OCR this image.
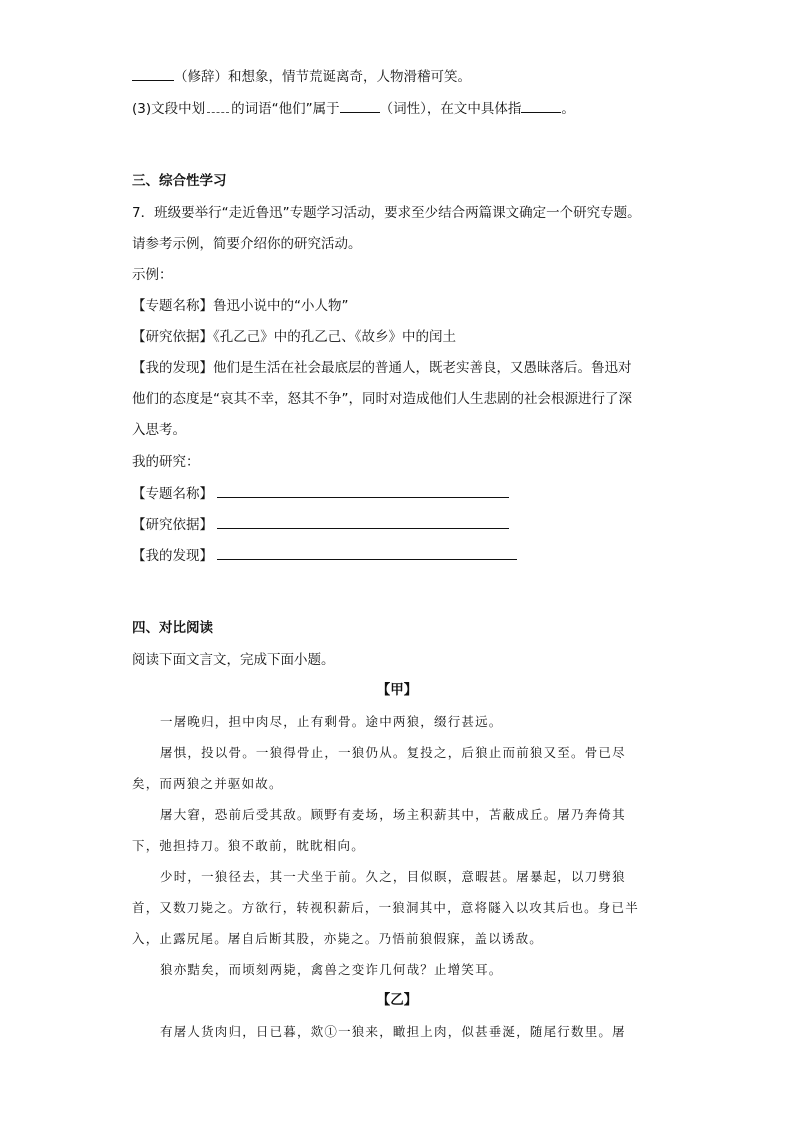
（修辞）和想象，情节荒诞离奇，人物滑稽可笑。
(3)文段中划 的词语“他们”属于	（词性），在文中具体指	。
三、综合性学习
7．班级要举行“走近鲁迅”专题学习活动，要求至少结合两篇课文确定一个研究专题。
请参考示例，简要介绍你的研究活动。
示例：
【专题名称】鲁迅小说中的“小人物”
【研究依据】《孔乙己》中的孔乙己、《故乡》中的闰土
【我的发现】他们是生活在社会最底层的普通人，既老实善良，又愚昧落后。鲁迅对
他们的态度是“哀其不幸，怒其不争”，同时对造成他们人生悲剧的社会根源进行了深
入思考。
我的研究：
【专题名称】
【研究依据】
【我的发现】
四、对比阅读
阅读下面文言文，完成下面小题。
【甲】
一屠晚归，担中肉尽，止有剩骨。途中两狼，缀行甚远。
屠惧，投以骨。一狼得骨止，一狼仍从。复投之，后狼止而前狼又至。骨已尽
矣，而两狼之并驱如故。
屠大窘，恐前后受其敌。顾野有麦场，场主积薪其中，苫蔽成丘。屠乃奔倚其
下，弛担持刀。狼不敢前，眈眈相向。
少时，一狼径去，其一犬坐于前。久之，目似瞑，意暇甚。屠暴起，以刀劈狼
首，又数刀毙之。方欲行，转视积薪后，一狼洞其中，意将隧入以攻其后也。身已半
入，止露尻尾。屠自后断其股，亦毙之。乃悟前狼假寐，盖以诱敌。
狼亦黠矣，而顷刻两毙，禽兽之变诈几何哉？止增笑耳。
【乙】
有屠人货肉归，日已暮，欻①一狼来，瞰担上肉，似甚垂涎，随尾行数里。屠
